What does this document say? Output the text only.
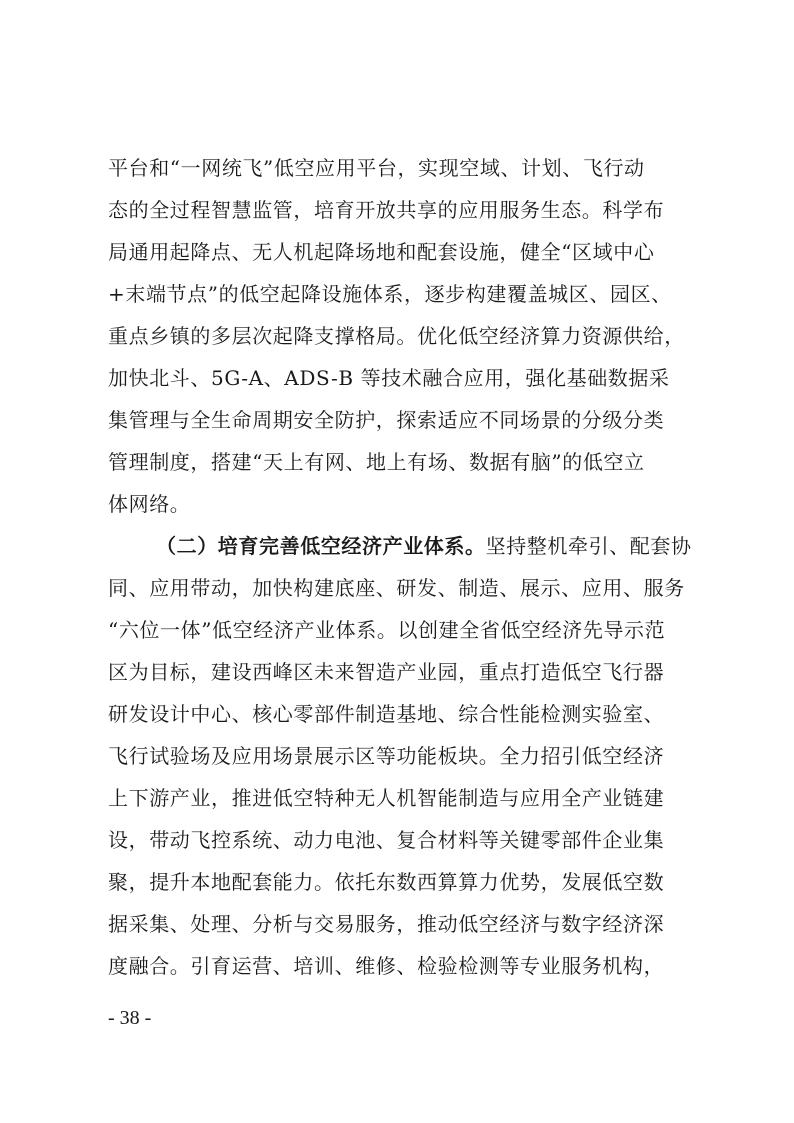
平台和“一网统飞”低空应用平台，实现空域、计划、飞行动
态的全过程智慧监管，培育开放共享的应用服务生态。科学布
局通用起降点、无人机起降场地和配套设施，健全“区域中心
+末端节点”的低空起降设施体系，逐步构建覆盖城区、园区、
重点乡镇的多层次起降支撑格局。优化低空经济算力资源供给，
加快北斗、5G-A、ADS-B 等技术融合应用，强化基础数据采
集管理与全生命周期安全防护，探索适应不同场景的分级分类
管理制度，搭建“天上有网、地上有场、数据有脑”的低空立
体网络。
（二）培育完善低空经济产业体系。坚持整机牵引、配套协
同、应用带动，加快构建底座、研发、制造、展示、应用、服务
“六位一体”低空经济产业体系。以创建全省低空经济先导示范
区为目标，建设西峰区未来智造产业园，重点打造低空飞行器
研发设计中心、核心零部件制造基地、综合性能检测实验室、
飞行试验场及应用场景展示区等功能板块。全力招引低空经济
上下游产业，推进低空特种无人机智能制造与应用全产业链建
设，带动飞控系统、动力电池、复合材料等关键零部件企业集
聚，提升本地配套能力。依托东数西算算力优势，发展低空数
据采集、处理、分析与交易服务，推动低空经济与数字经济深
度融合。引育运营、培训、维修、检验检测等专业服务机构，
- 38 -
